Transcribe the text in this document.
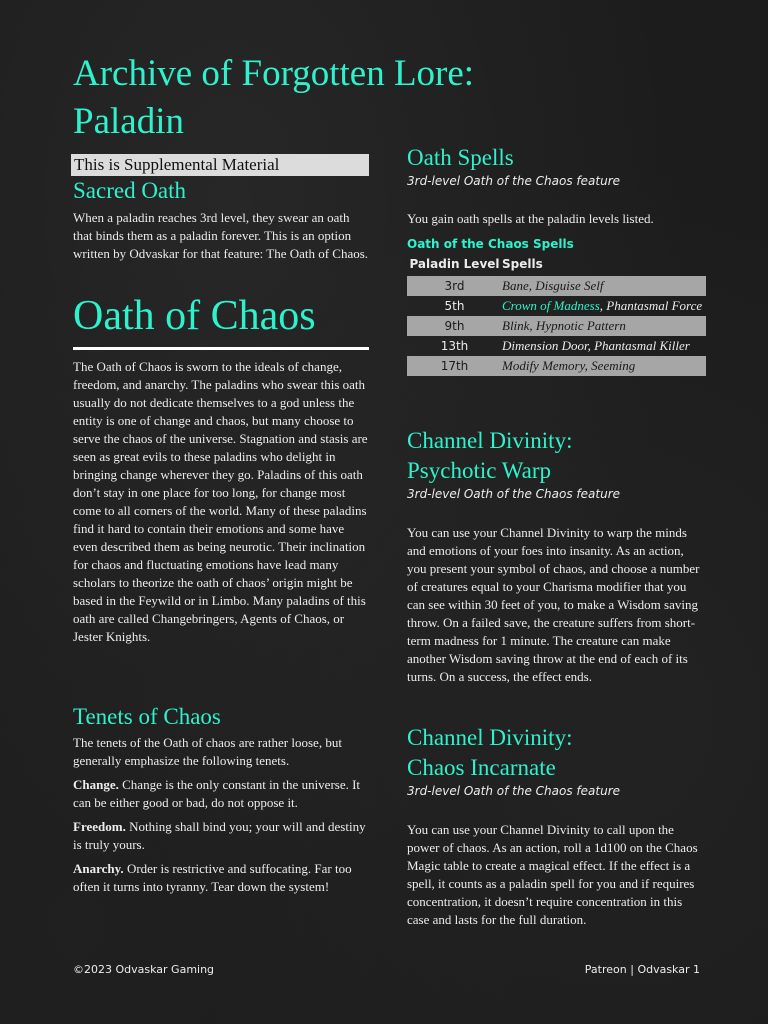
Archive of Forgotten Lore: Paladin
This is Supplemental Material
Sacred Oath
When a paladin reaches 3rd level, they swear an oath that binds them as a paladin forever. This is an option written by Odvaskar for that feature: The Oath of Chaos.
Oath of Chaos
The Oath of Chaos is sworn to the ideals of change, freedom, and anarchy. The paladins who swear this oath usually do not dedicate themselves to a god unless the entity is one of change and chaos, but many choose to serve the chaos of the universe. Stagnation and stasis are seen as great evils to these paladins who delight in bringing change wherever they go. Paladins of this oath don’t stay in one place for too long, for change most come to all corners of the world. Many of these paladins find it hard to contain their emotions and some have even described them as being neurotic. Their inclination for chaos and fluctuating emotions have lead many scholars to theorize the oath of chaos’ origin might be based in the Feywild or in Limbo. Many paladins of this oath are called Changebringers, Agents of Chaos, or Jester Knights.
Tenets of Chaos

The tenets of the Oath of chaos are rather loose, but generally emphasize the following tenets.

Change. Change is the only constant in the universe. It can be either good or bad, do not oppose it.

Freedom. Nothing shall bind you; your will and destiny is truly yours.

Anarchy. Order is restrictive and suffocating. Far too often it turns into tyranny. Tear down the system!

Oath Spells
3rd-level Oath of the Chaos feature
You gain oath spells at the paladin levels listed.
Oath of the Chaos Spells
Paladin Level	Spells
3rd	Bane, Disguise Self
5th	Crown of Madness, Phantasmal Force
9th	Blink, Hypnotic Pattern
13th	Dimension Door, Phantasmal Killer
17th	Modify Memory, Seeming
Channel Divinity:
Psychotic Warp
3rd-level Oath of the Chaos feature
You can use your Channel Divinity to warp the minds and emotions of your foes into insanity. As an action, you present your symbol of chaos, and choose a number of creatures equal to your Charisma modifier that you can see within 30 feet of you, to make a Wisdom saving throw. On a failed save, the creature suffers from short-term madness for 1 minute. The creature can make another Wisdom saving throw at the end of each of its turns. On a success, the effect ends.
Channel Divinity:
Chaos Incarnate
3rd-level Oath of the Chaos feature
You can use your Channel Divinity to call upon the power of chaos. As an action, roll a 1d100 on the Chaos Magic table to create a magical effect. If the effect is a spell, it counts as a paladin spell for you and if requires concentration, it doesn’t require concentration in this case and lasts for the full duration.
©2023 Odvaskar Gaming	Patreon | Odvaskar 1
